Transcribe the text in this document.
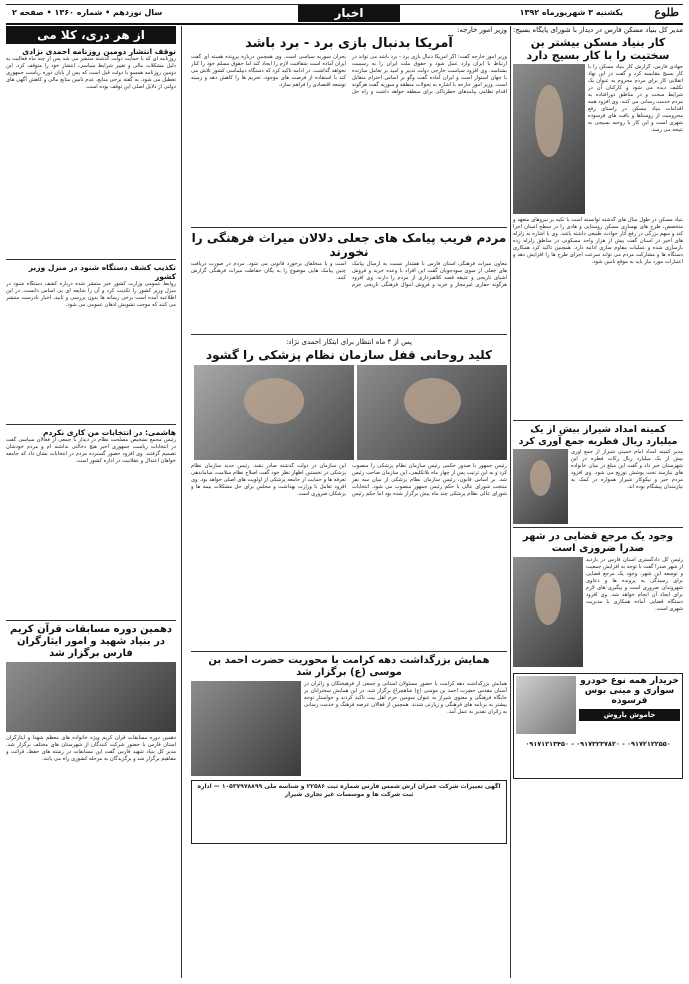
طلوع
یکشنبه ۳ شهریورماه ۱۳۹۲
اخبار
سال نوزدهم • شماره ۱۳۶۰ • صفحه ۲
مدیر کل بنیاد مسکن فارس در دیدار با شورای پایگاه بسیج:
کار بنیاد مسکن بیشتر بن سختیت را با کار بسیج دارد
جهادی فارس، گزارش کار بنیاد مسکن را با کار بسیج مقایسه کرد و گفت در این نهاد انقلابی کار برای مردم محروم به عنوان یک تکلیف دیده می شود و کارکنان آن در شرایط سخت و در مناطق دورافتاده به مردم خدمت رسانی می کنند. وی افزود همه اقدامات بنیاد مسکن در راستای رفع محرومیت از روستاها و بافت های فرسوده شهری است و این کار با روحیه بسیجی به نتیجه می رسد.
بنیاد مسکن در طول سال های گذشته توانسته است با تکیه بر نیروهای متعهد و متخصص، طرح های بهسازی مسکن روستایی و هادی را در سطح استان اجرا کند و سهم بزرگی در رفع آثار حوادث طبیعی داشته باشد. وی با اشاره به زلزله های اخیر در استان گفت بیش از هزار واحد مسکونی در مناطق زلزله زده بازسازی شده و عملیات مقاوم سازی ادامه دارد. همچنین تاکید کرد همکاری دستگاه ها و مشارکت مردم می تواند سرعت اجرای طرح ها را افزایش دهد و اعتبارات مورد نیاز باید به موقع تامین شود.
کمیته امداد شیراز بیش از یک میلیارد ریال فطریه جمع آوری کرد
مدیر کمیته امداد امام خمینی شیراز از جمع آوری بیش از یک میلیارد ریال زکات فطره در این شهرستان خبر داد و گفت این مبلغ در میان خانواده های نیازمند تحت پوشش توزیع می شود. وی افزود مردم خیر و نیکوکار شیراز همواره در کمک به نیازمندان پیشگام بوده اند.
وجود یک مرجع قضایی در شهر صدرا ضروری است
رئیس کل دادگستری استان فارس در بازدید از شهر صدرا گفت با توجه به افزایش جمعیت و توسعه این شهر، وجود یک مرجع قضایی برای رسیدگی به پرونده ها و دعاوی شهروندان ضروری است و پیگیری های لازم برای ایجاد آن انجام خواهد شد. وی افزود دستگاه قضایی آماده همکاری با مدیریت شهری است.
خریدار همه نوع خودرو سواری و مینی بوس فرسوده
خاموش باروش
۰۹۱۷۱۲۱۳۴۵۰ - ۰۹۱۷۳۲۳۷۸۲۰ - ۰۹۱۷۲۱۲۲۵۵۰
وزیر امور خارجه:
آمریکا بدنبال بازی برد - برد باشد
وزیر امور خارجه گفت: اگر آمریکا دنبال بازی برد - برد باشد می تواند در ارتباط با ایران وارد عمل شود و حقوق ملت ایران را به رسمیت بشناسد. وی افزود سیاست خارجی دولت تدبیر و امید بر تعامل سازنده با جهان استوار است و ایران آماده گفت وگو بر اساس احترام متقابل است. وزیر امور خارجه با اشاره به تحولات منطقه و سوریه گفت هرگونه اقدام نظامی پیامدهای خطرناکی برای منطقه خواهد داشت و راه حل بحران سوریه سیاسی است. وی همچنین درباره پرونده هسته ای گفت ایران آماده است شفافیت لازم را ایجاد کند اما حقوق مسلم خود را کنار نخواهد گذاشت. در ادامه تاکید کرد که دستگاه دیپلماسی کشور تلاش می کند با استفاده از فرصت های موجود، تحریم ها را کاهش دهد و زمینه توسعه اقتصادی را فراهم سازد.
مردم فریب پیامک های جعلی دلالان میراث فرهنگی را نخورند
معاون میراث فرهنگی استان فارس با هشدار نسبت به ارسال پیامک های جعلی از سوی سودجویان گفت این افراد با وعده خرید و فروش اشیای تاریخی و عتیقه قصد کلاهبرداری از مردم را دارند. وی افزود هرگونه حفاری غیرمجاز و خرید و فروش اموال فرهنگی تاریخی جرم است و با متخلفان برخورد قانونی می شود. مردم در صورت دریافت چنین پیامک هایی موضوع را به یگان حفاظت میراث فرهنگی گزارش کنند.
پس از ۴ ماه انتظار برای ابتکار احمدی نژاد:
کلید روحانی قفل سازمان نظام پزشکی را گشود
رئیس جمهور با صدور حکمی رئیس سازمان نظام پزشکی را منصوب کرد و به این ترتیب پس از چهار ماه بلاتکلیفی، این سازمان صاحب رئیس شد. بر اساس قانون، رئیس سازمان نظام پزشکی از میان سه نفر منتخب شورای عالی با حکم رئیس جمهور منصوب می شود. انتخابات شورای عالی نظام پزشکی چند ماه پیش برگزار شده بود اما حکم رئیس این سازمان در دولت گذشته صادر نشد. رئیس جدید سازمان نظام پزشکی در نخستین اظهار نظر خود گفت اصلاح نظام سلامت، ساماندهی تعرفه ها و حمایت از جامعه پزشکی از اولویت های اصلی خواهد بود. وی افزود تعامل با وزارت بهداشت و مجلس برای حل مشکلات بیمه ها و پزشکان ضروری است.
همایش بزرگداشت دهه کرامت با محوریت حضرت احمد بن موسی (ع) برگزار شد
همایش بزرگداشت دهه کرامت با حضور مسئولان استانی و جمعی از فرهیختگان و زائران در آستان مقدس حضرت احمد بن موسی (ع) شاهچراغ برگزار شد. در این همایش سخنرانان بر جایگاه فرهنگی و معنوی شیراز به عنوان سومین حرم اهل بیت تاکید کردند و خواستار توجه بیشتر به برنامه های فرهنگی و زیارتی شدند. همچنین از فعالان عرصه فرهنگ و خدمت رسانی به زائران تقدیر به عمل آمد.
آگهی تغییرات شرکت عمران آرش شمس فارس شماره ثبت ۲۲۵۸۶ و شناسه ملی ۱۰۵۳۷۹۷۸۸۹۹ — اداره ثبت شرکت ها و موسسات غیر تجاری شیراز
از هر دری، کلا می
توقف انتشار دومین روزنامه احمدی نژادی
روزنامه ای که با حمایت دولت گذشته منتشر می شد پس از چند ماه فعالیت به دلیل مشکلات مالی و تغییر شرایط سیاسی، انتشار خود را متوقف کرد. این دومین روزنامه همسو با دولت قبل است که پس از پایان دوره ریاست جمهوری تعطیل می شود. به گفته برخی منابع، عدم تامین منابع مالی و کاهش آگهی های دولتی از دلایل اصلی این توقف بوده است.
تکذیب کشف دستگاه شنود در منزل وزیر کشور
روابط عمومی وزارت کشور خبر منتشر شده درباره کشف دستگاه شنود در منزل وزیر کشور را تکذیب کرد و آن را شایعه ای بی اساس دانست. در این اطلاعیه آمده است برخی رسانه ها بدون بررسی و تایید، اخبار نادرست منتشر می کنند که موجب تشویش اذهان عمومی می شود.
هاشمی: در انتخابات من کاری نکردم
رئیس مجمع تشخیص مصلحت نظام در دیدار با جمعی از فعالان سیاسی گفت در انتخابات ریاست جمهوری اخیر هیچ دخالتی نداشته ام و مردم خودشان تصمیم گرفتند. وی افزود حضور گسترده مردم در انتخابات نشان داد که جامعه خواهان اعتدال و عقلانیت در اداره کشور است.
دهمین دوره مسابقات قرآن کریم در بنیاد شهید و امور ایثارگران فارس برگزار شد
دهمین دوره مسابقات قرآن کریم ویژه خانواده های معظم شهدا و ایثارگران استان فارس با حضور شرکت کنندگان از شهرستان های مختلف برگزار شد. مدیر کل بنیاد شهید فارس گفت این مسابقات در رشته های حفظ، قرائت و مفاهیم برگزار شد و برگزیدگان به مرحله کشوری راه می یابند.
